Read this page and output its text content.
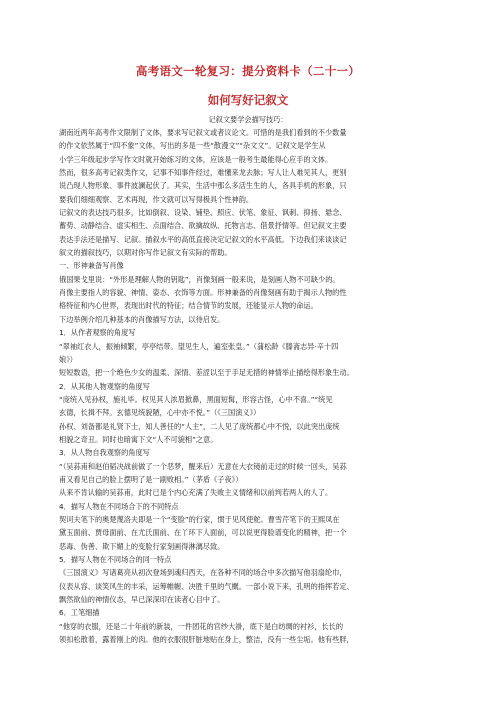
高考语文一轮复习：提分资料卡（二十一）
如何写好记叙文
记叙文要学会描写技巧：
湖南近两年高考作文限制了文体，要求写记叙文或者议论文。可惜的是我们看到的不少数量
的作文依然属于“四不象”文体，写出的多是一些“散漫文”“杂文文”。记叙文是学生从
小学三年级起步学写作文时就开始练习的文体，应该是一般考生最能得心应手的文体。
然而，很多高考记叙类作文，记事不知事件经过，难懂来龙去脉；写人让人难见其人，更别
说凸现人物形象、事件波澜起伏了。其实，生活中那么多活生生的人，各具手机的形象，只
要我们细细观察、艺术再现，作文就可以写得极具个性神韵。
记叙文的表达技巧很多，比如倒叙、设染、铺垫、照应、伏笔、象征、讽刺、抑扬、悬念、
蓄势、动静结合、虚实相生、点面结合、欲擒故纵、托物言志、借景抒情等。但记叙文主要
表达手法还是描写、记叙。描叙水平的高低直接决定记叙文的水平高低。下边我们来谈谈记
叙文的描叙技巧，以期对你写作记叙文有实际的帮助。
一、形神兼备写肖像
俄国果戈里说：“外形是理解人物的钥匙”，肖像刻画一般来说，是刻画人物不可缺少的。
肖像主要指人的容貌、神情、姿态、衣饰等方面。形神兼备的肖像刻画有助于揭示人物的性
格特征和内心世界，表现出时代的特征；结合情节的发展，还能显示人物的命运。
下边举例介绍几种基本的肖像描写方法，以待启发。
1．从作者观察的角度写
“翠袖红衣人，振袖倾繁，亭亭结带。望见生人，遍室张皇。”（蒲松龄《滕斋志异·辛十四
娘》）
短短数语，把一个绝色少女的温柔、深情、差涩以至于手足无措的神情举止描绘得形象生动。
2．从其他人物观察的角度写
“庞统入见孙权，施礼毕。权见其人浓眉掀鼻，黑面短髯，形容古怪，心中不喜。”“统见
玄德，长揖不拜。玄德见统貌陋，心中亦不悦。”（《三国演义》）
孙权、刘备都是礼贤下士，知人善任的“人主”，二人见了庞统都心中不悦，以此突出庞统
相貌之奇丑。同时也暗寓下文“人不可貌相”之意。
3．从人物自我观察的角度写
“（吴荪甫和赵伯韬决战前做了一个恶梦，醒来后）无意在大衣镜前走过的时候一回头，吴荪
甫又看见自己的脸上摆明了是一副败相。”（茅盾《子夜》）
从来不肯认输的吴荪甫，此时已是个内心充满了失败主义情绪和以前判若两人的人了。
4．描写人物在不同场合下的不同特点
契诃夫笔下的奥楚蔑洛夫即是一个“变脸”的行家，惯于见风使舵。曹雪芹笔下的王熙凤在
黛玉面前、贾母面前、在尤氏面前、在丫环下人面前，可以说更得脸谱变化的精神，把一个
恶毒、伪善、欺下媚上的变脸行家刻画得淋漓尽致。
5．描写人物在不同场合的同一特点
《三国演义》写诸葛亮从初次登场到魂归西天，在各种不同的场合中多次描写他羽扇纶巾，
仪表从容、谈笑风生的丰采，运筹帷幄、决胜千里的气概。一部小说下来，孔明的指挥若定、
飘然欲仙的神情仪态，早已深深印在读者心目中了。
6．工笔细描
“他穿的衣服，还是二十年前的新装，一件团花的官纱大褂，底下是白纺绸的衬衫，长长的
领扣松散着，露着刚上的肉。他的衣服很肝脏地贴在身上，整洁，没有一些尘垢。他有些胖，
